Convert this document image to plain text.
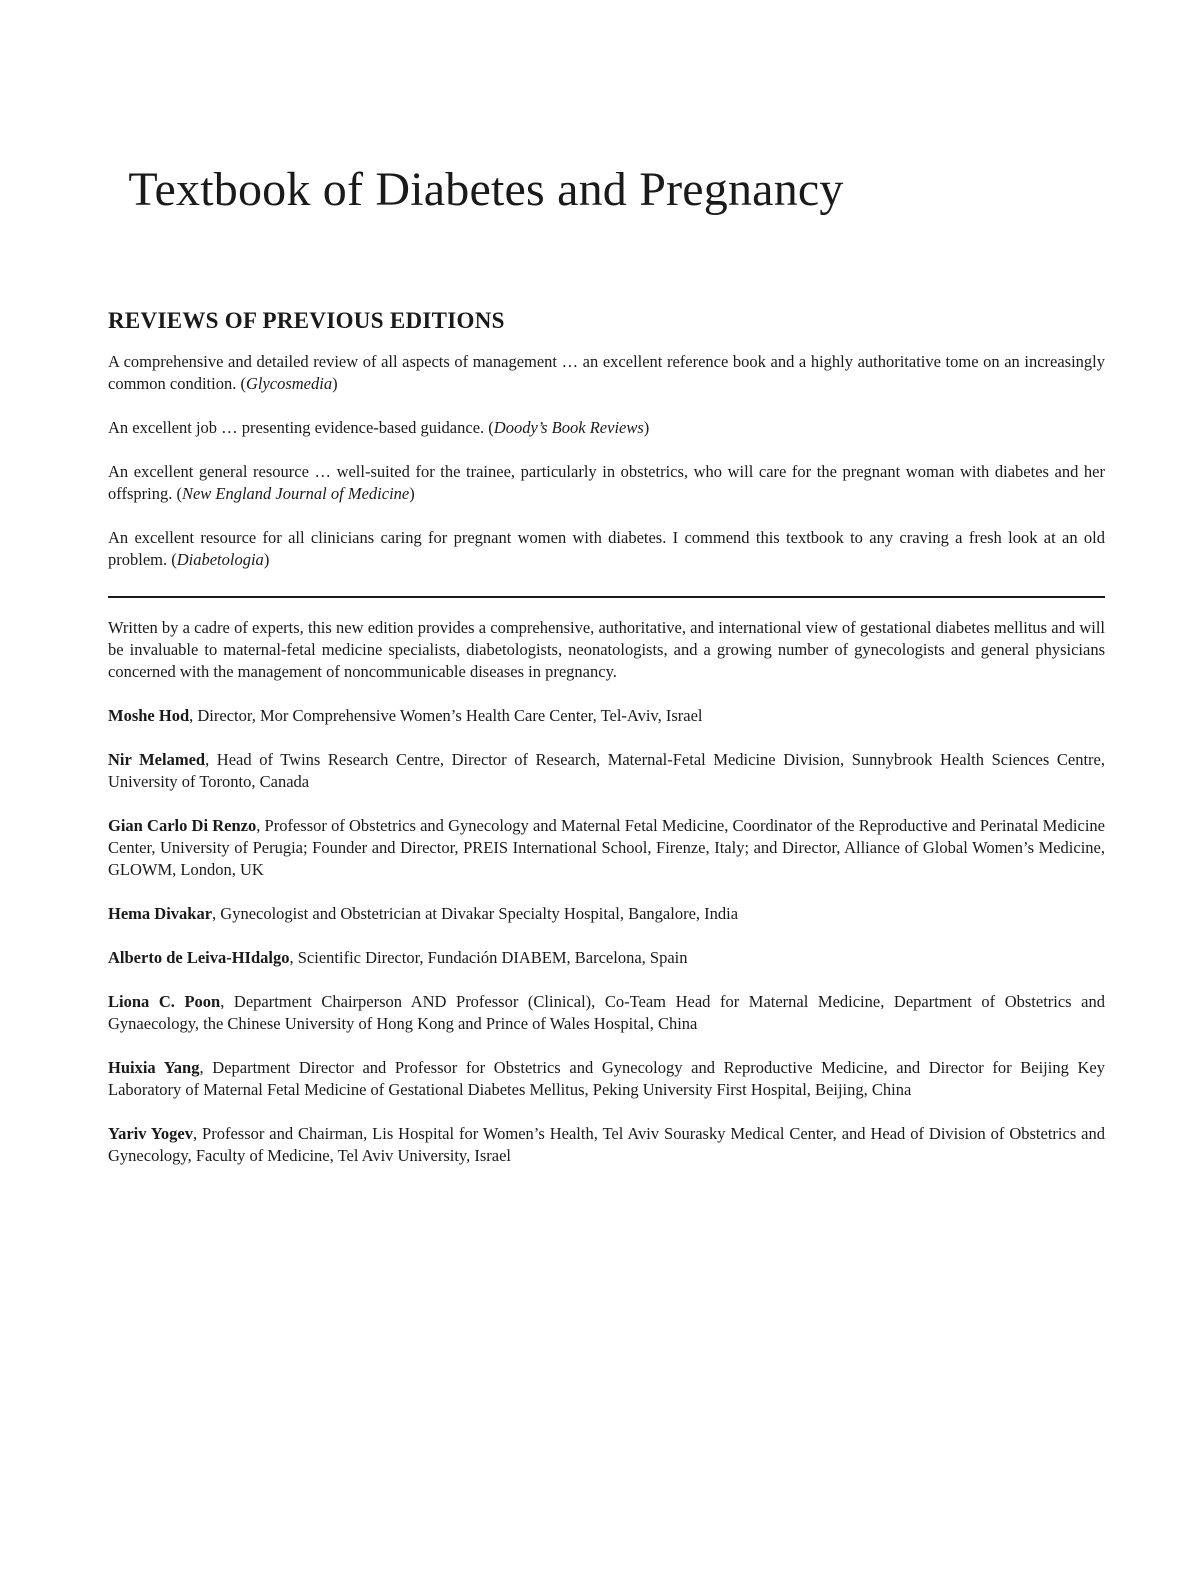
Textbook of Diabetes and Pregnancy
REVIEWS OF PREVIOUS EDITIONS

A comprehensive and detailed review of all aspects of management … an excellent reference book and a highly authoritative tome on an increasingly common condition. (Glycosmedia)

An excellent job … presenting evidence-based guidance. (Doody’s Book Reviews)

An excellent general resource … well-suited for the trainee, particularly in obstetrics, who will care for the pregnant woman with diabetes and her offspring. (New England Journal of Medicine)

An excellent resource for all clinicians caring for pregnant women with diabetes. I commend this textbook to any craving a fresh look at an old problem. (Diabetologia)

Written by a cadre of experts, this new edition provides a comprehensive, authoritative, and international view of gestational diabetes mellitus and will be invaluable to maternal-fetal medicine specialists, diabetologists, neonatologists, and a growing number of gynecologists and general physicians concerned with the management of noncommunicable diseases in pregnancy.

Moshe Hod, Director, Mor Comprehensive Women’s Health Care Center, Tel-Aviv, Israel

Nir Melamed, Head of Twins Research Centre, Director of Research, Maternal-Fetal Medicine Division, Sunnybrook Health Sciences Centre, University of Toronto, Canada

Gian Carlo Di Renzo, Professor of Obstetrics and Gynecology and Maternal Fetal Medicine, Coordinator of the Reproductive and Perinatal Medicine Center, University of Perugia; Founder and Director, PREIS International School, Firenze, Italy; and Director, Alliance of Global Women’s Medicine, GLOWM, London, UK

Hema Divakar, Gynecologist and Obstetrician at Divakar Specialty Hospital, Bangalore, India

Alberto de Leiva-HIdalgo, Scientific Director, Fundación DIABEM, Barcelona, Spain

Liona C. Poon, Department Chairperson AND Professor (Clinical), Co-Team Head for Maternal Medicine, Department of Obstetrics and Gynaecology, the Chinese University of Hong Kong and Prince of Wales Hospital, China

Huixia Yang, Department Director and Professor for Obstetrics and Gynecology and Reproductive Medicine, and Director for Beijing Key Laboratory of Maternal Fetal Medicine of Gestational Diabetes Mellitus, Peking University First Hospital, Beijing, China

Yariv Yogev, Professor and Chairman, Lis Hospital for Women’s Health, Tel Aviv Sourasky Medical Center, and Head of Division of Obstetrics and Gynecology, Faculty of Medicine, Tel Aviv University, Israel
